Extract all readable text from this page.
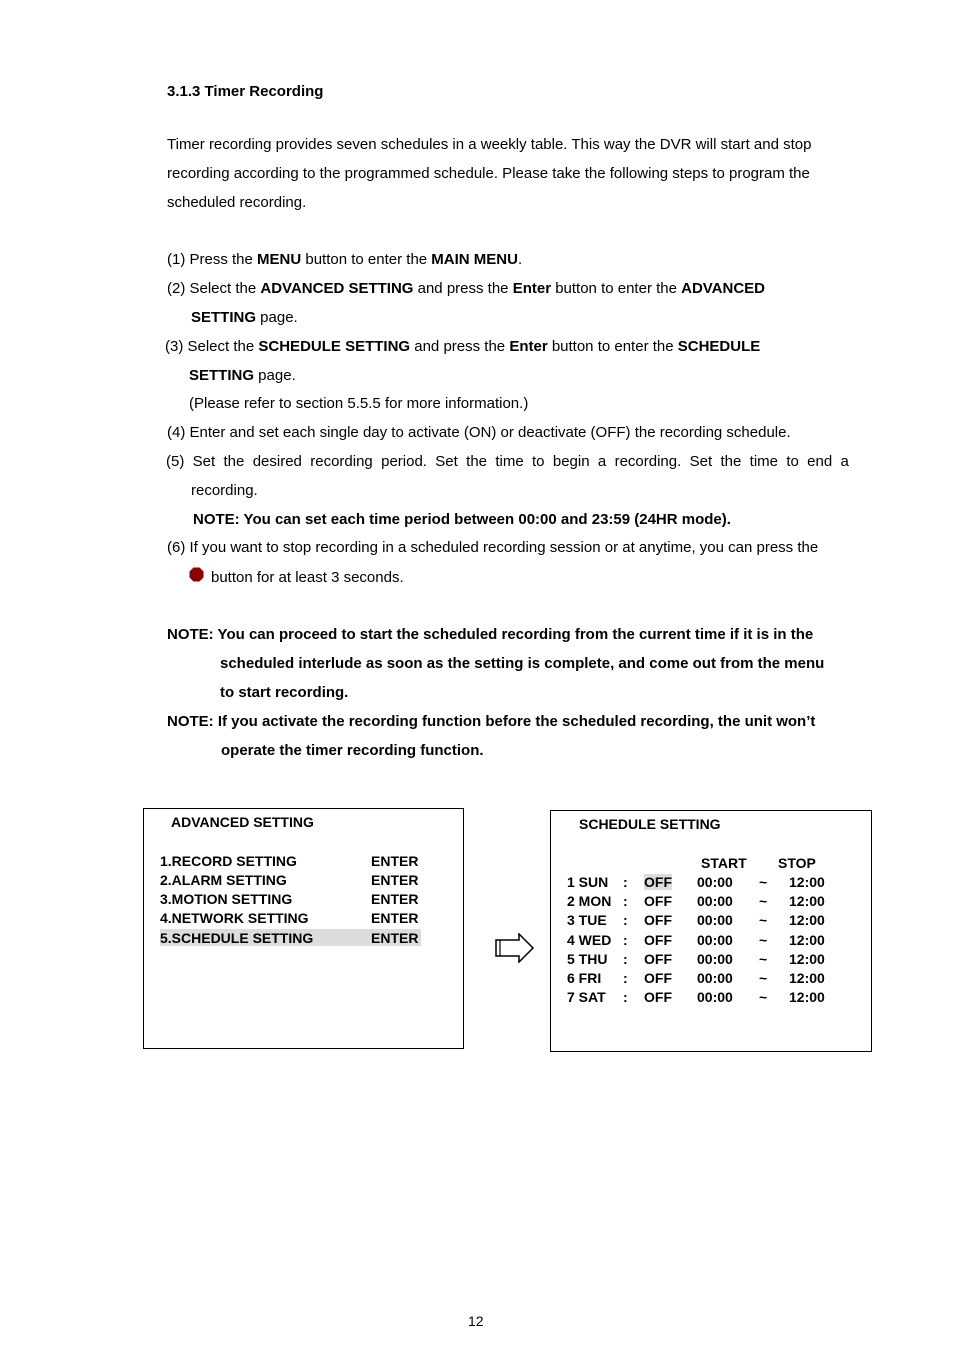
3.1.3 Timer Recording
Timer recording provides seven schedules in a weekly table. This way the DVR will start and stop
recording according to the programmed schedule. Please take the following steps to program the
scheduled recording.
(1) Press the MENU button to enter the MAIN MENU.
(2) Select the ADVANCED SETTING and press the Enter button to enter the ADVANCED
SETTING page.
(3) Select the SCHEDULE SETTING and press the Enter button to enter the SCHEDULE
SETTING page.
(Please refer to section 5.5.5 for more information.)
(4) Enter and set each single day to activate (ON) or deactivate (OFF) the recording schedule.
(5)  Set  the  desired  recording  period.  Set  the  time  to  begin  a  recording.  Set  the  time  to  end  a
recording.
NOTE: You can set each time period between 00:00 and 23:59 (24HR mode).
(6) If you want to stop recording in a scheduled recording session or at anytime, you can press the
button for at least 3 seconds.
NOTE: You can proceed to start the scheduled recording from the current time if it is in the
scheduled interlude as soon as the setting is complete, and come out from the menu
to start recording.
NOTE: If you activate the recording function before the scheduled recording, the unit won’t
operate the timer recording function.
ADVANCED SETTING
1.RECORD SETTING	ENTER
2.ALARM SETTING	ENTER
3.MOTION SETTING	ENTER
4.NETWORK SETTING	ENTER
5.SCHEDULE SETTING	ENTER
SCHEDULE SETTING
START STOP
1 SUN : OFF 00:00 ~ 12:00
2 MON : OFF 00:00 ~ 12:00
3 TUE : OFF 00:00 ~ 12:00
4 WED : OFF 00:00 ~ 12:00
5 THU : OFF 00:00 ~ 12:00
6 FRI : OFF 00:00 ~ 12:00
7 SAT : OFF 00:00 ~ 12:00
12
